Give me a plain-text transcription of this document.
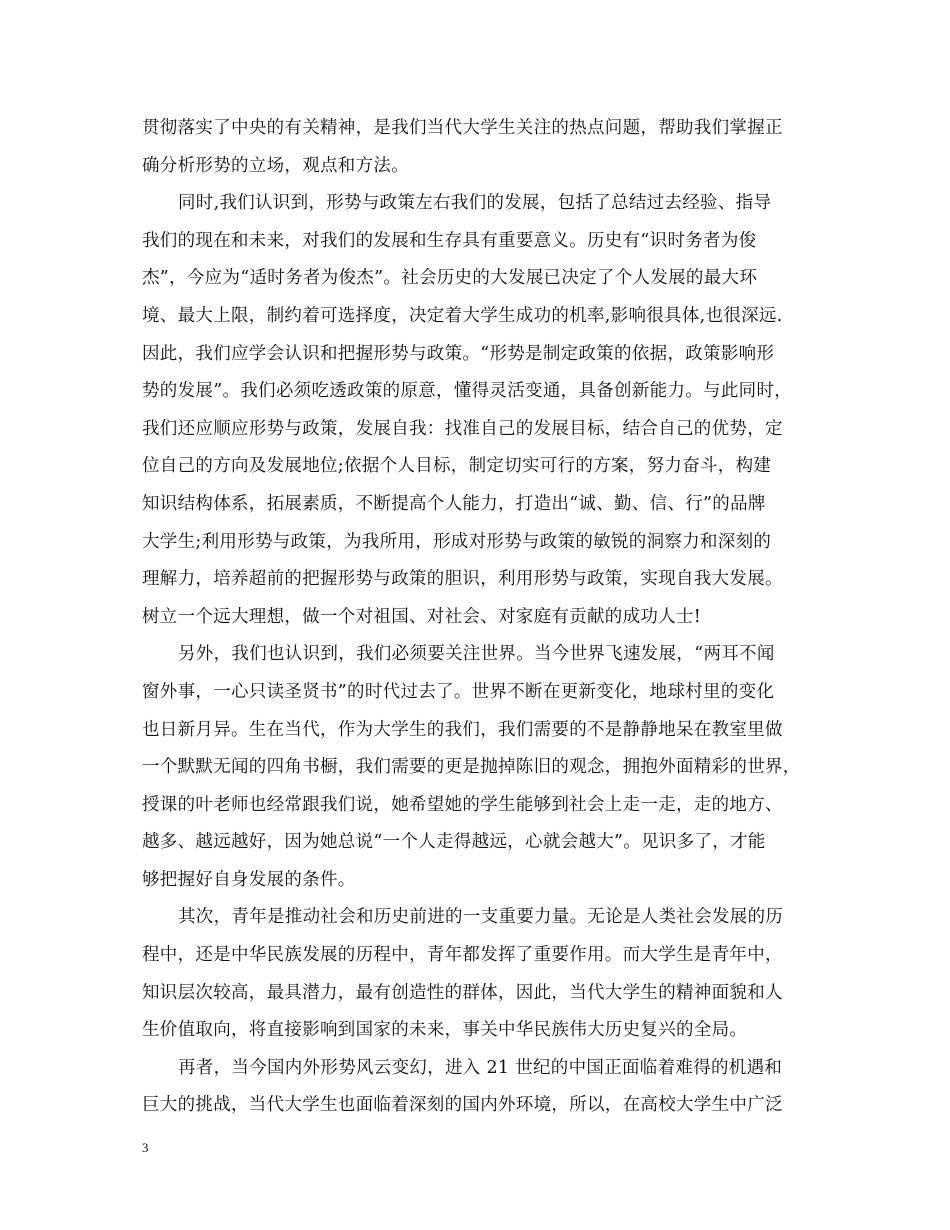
贯彻落实了中央的有关精神，是我们当代大学生关注的热点问题，帮助我们掌握正
确分析形势的立场，观点和方法。
同时,我们认识到，形势与政策左右我们的发展，包括了总结过去经验、指导
我们的现在和未来，对我们的发展和生存具有重要意义。历史有“识时务者为俊
杰”，今应为“适时务者为俊杰”。社会历史的大发展已决定了个人发展的最大环
境、最大上限，制约着可选择度，决定着大学生成功的机率,影响很具体,也很深远.
因此，我们应学会认识和把握形势与政策。“形势是制定政策的依据，政策影响形
势的发展”。我们必须吃透政策的原意，懂得灵活变通，具备创新能力。与此同时，
我们还应顺应形势与政策，发展自我：找准自己的发展目标，结合自己的优势，定
位自己的方向及发展地位;依据个人目标，制定切实可行的方案，努力奋斗，构建
知识结构体系，拓展素质，不断提高个人能力，打造出“诚、勤、信、行”的品牌
大学生;利用形势与政策，为我所用，形成对形势与政策的敏锐的洞察力和深刻的
理解力，培养超前的把握形势与政策的胆识，利用形势与政策，实现自我大发展。
树立一个远大理想，做一个对祖国、对社会、对家庭有贡献的成功人士!
另外，我们也认识到，我们必须要关注世界。当今世界飞速发展，“两耳不闻
窗外事，一心只读圣贤书”的时代过去了。世界不断在更新变化，地球村里的变化
也日新月异。生在当代，作为大学生的我们，我们需要的不是静静地呆在教室里做
一个默默无闻的四角书橱，我们需要的更是抛掉陈旧的观念，拥抱外面精彩的世界，
授课的叶老师也经常跟我们说，她希望她的学生能够到社会上走一走，走的地方、
越多、越远越好，因为她总说“一个人走得越远，心就会越大”。见识多了，才能
够把握好自身发展的条件。
其次，青年是推动社会和历史前进的一支重要力量。无论是人类社会发展的历
程中，还是中华民族发展的历程中，青年都发挥了重要作用。而大学生是青年中，
知识层次较高，最具潜力，最有创造性的群体，因此，当代大学生的精神面貌和人
生价值取向，将直接影响到国家的未来，事关中华民族伟大历史复兴的全局。
再者，当今国内外形势风云变幻，进入 21 世纪的中国正面临着难得的机遇和
巨大的挑战，当代大学生也面临着深刻的国内外环境，所以，在高校大学生中广泛
3
